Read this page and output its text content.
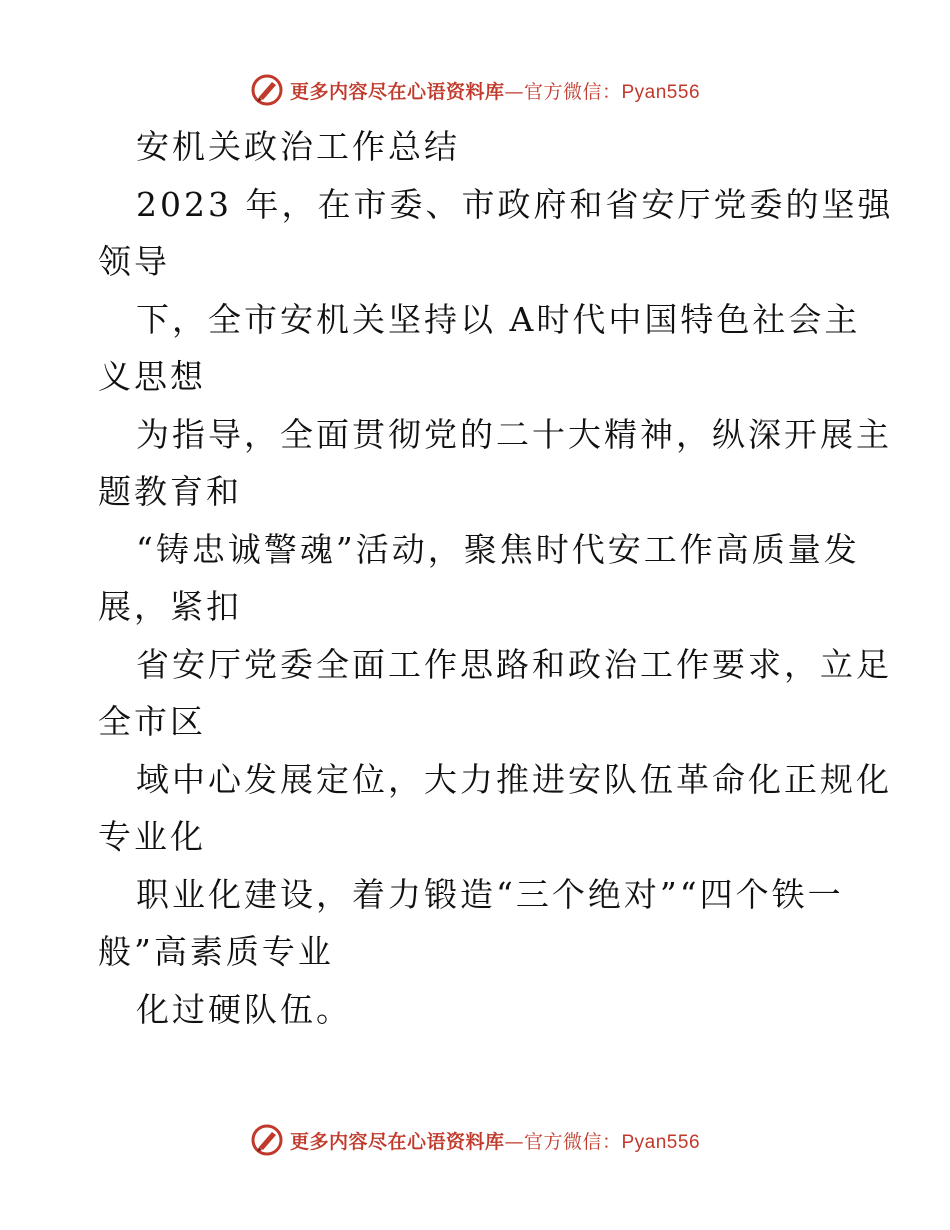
更多内容尽在心语资料库—官方微信：Pyan556
安机关政治工作总结
2023 年，在市委、市政府和省安厅党委的坚强
领导
下，全市安机关坚持以 A时代中国特色社会主
义思想
为指导，全面贯彻党的二十大精神，纵深开展主
题教育和
“铸忠诚警魂”活动，聚焦时代安工作高质量发
展，紧扣
省安厅党委全面工作思路和政治工作要求，立足
全市区
域中心发展定位，大力推进安队伍革命化正规化
专业化
职业化建设，着力锻造“三个绝对”“四个铁一
般”高素质专业
化过硬队伍。
更多内容尽在心语资料库—官方微信：Pyan556
